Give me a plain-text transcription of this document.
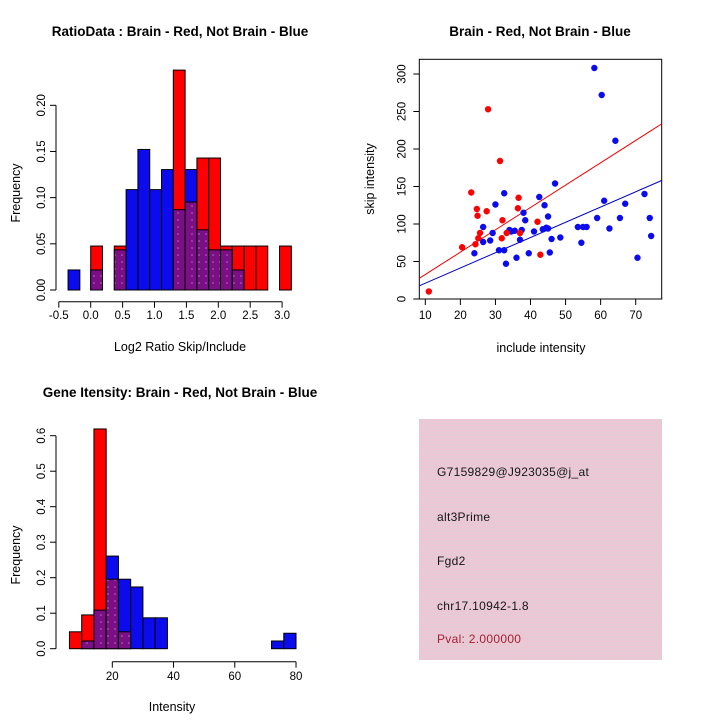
0.00
0.05
0.10
0.15
0.20
-0.5 0.0 0.5 1.0 1.5 2.0 2.5 3.0
RatioData : Brain - Red, Not Brain - Blue
Log2 Ratio Skip/Include
Frequency
10 20 30 40 50 60 70
0
50
100
150
200
250
300
Brain - Red, Not Brain - Blue
include intensity
skip intensity
0.0
0.1
0.2
0.3
0.4
0.5
0.6
20	40	60	80
Gene Itensity: Brain - Red, Not Brain - Blue
Intensity
Frequency
G7159829@J923035@j_at
alt3Prime
Fgd2
chr17.10942-1.8
Pval: 2.000000
